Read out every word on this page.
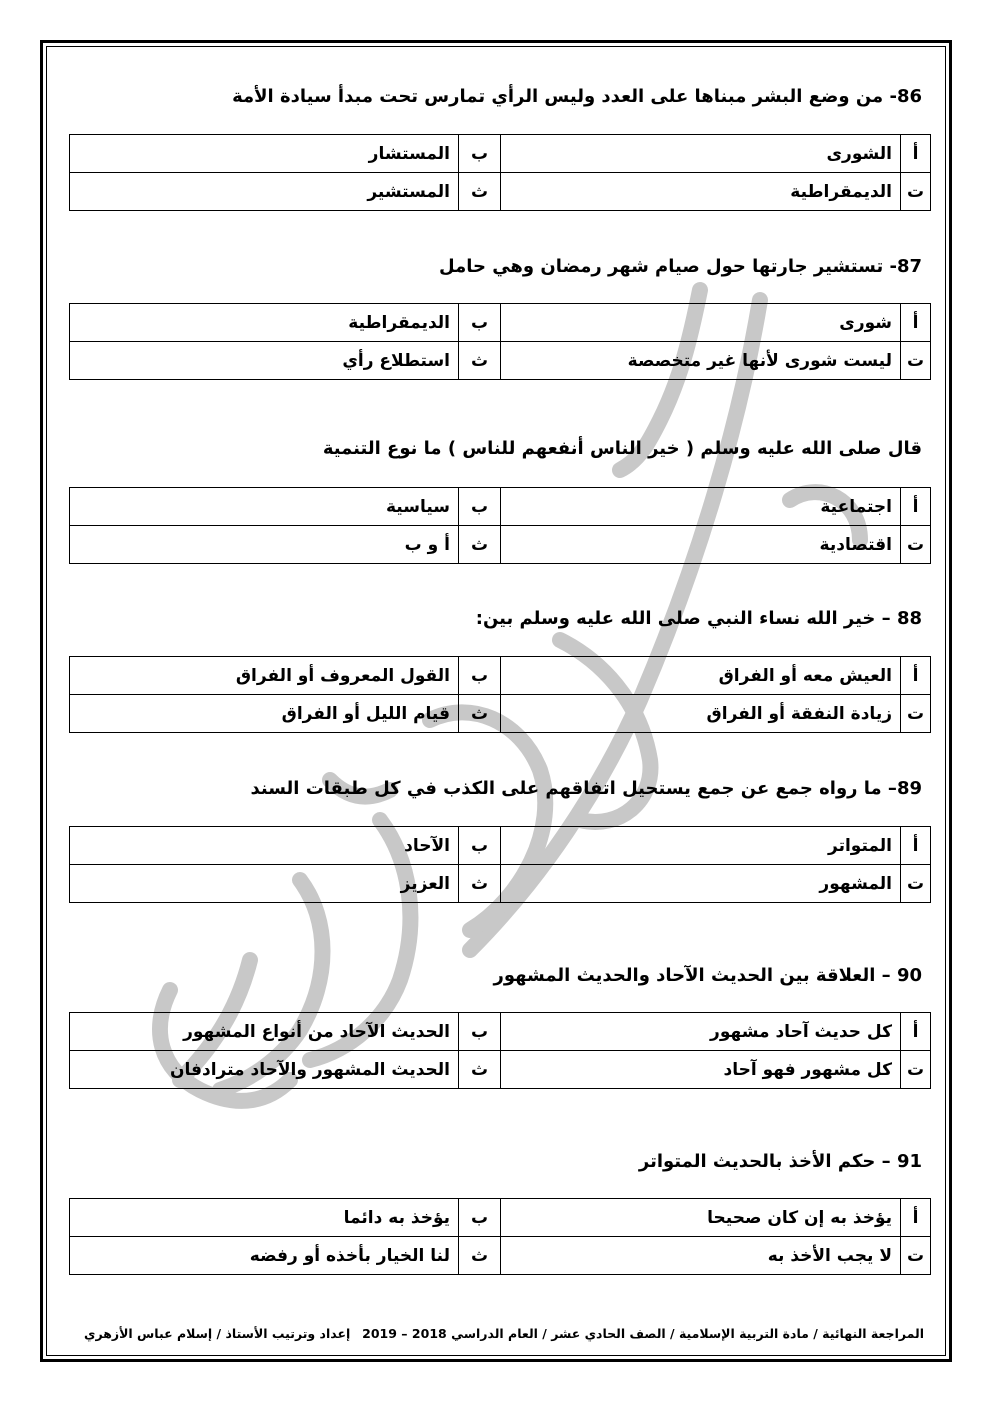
86- من وضع البشر مبناها على العدد وليس الرأي تمارس تحت مبدأ سيادة الأمة
أ	الشورى	ب	المستشار
ت	الديمقراطية	ث	المستشير
87- تستشير جارتها حول صيام شهر رمضان وهي حامل
أ	شورى	ب	الديمقراطية
ت	ليست شورى لأنها غير متخصصة	ث	استطلاع رأي
قال صلى الله عليه وسلم ( خير الناس أنفعهم للناس ) ما نوع التنمية
أ	اجتماعية	ب	سياسية
ت	اقتصادية	ث	أ و ب
88 – خير الله نساء النبي صلى الله عليه وسلم بين:
أ	العيش معه أو الفراق	ب	القول المعروف أو الفراق
ت	زيادة النفقة أو الفراق	ث	قيام الليل أو الفراق
89– ما رواه جمع عن جمع يستحيل اتفاقهم على الكذب في كل طبقات السند
أ	المتواتر	ب	الآحاد
ت	المشهور	ث	العزيز
90 – العلاقة بين الحديث الآحاد والحديث المشهور
أ	كل حديث آحاد مشهور	ب	الحديث الآحاد من أنواع المشهور
ت	كل مشهور فهو آحاد	ث	الحديث المشهور والآحاد مترادفان
91 – حكم الأخذ بالحديث المتواتر
أ	يؤخذ به إن كان صحيحا	ب	يؤخذ به دائما
ت	لا يجب الأخذ به	ث	لنا الخيار بأخذه أو رفضه
المراجعة النهائية / مادة التربية الإسلامية / الصف الحادي عشر / العام الدراسي 2018 – 2019
إعداد وترتيب الأستاذ / إسلام عباس الأزهري
